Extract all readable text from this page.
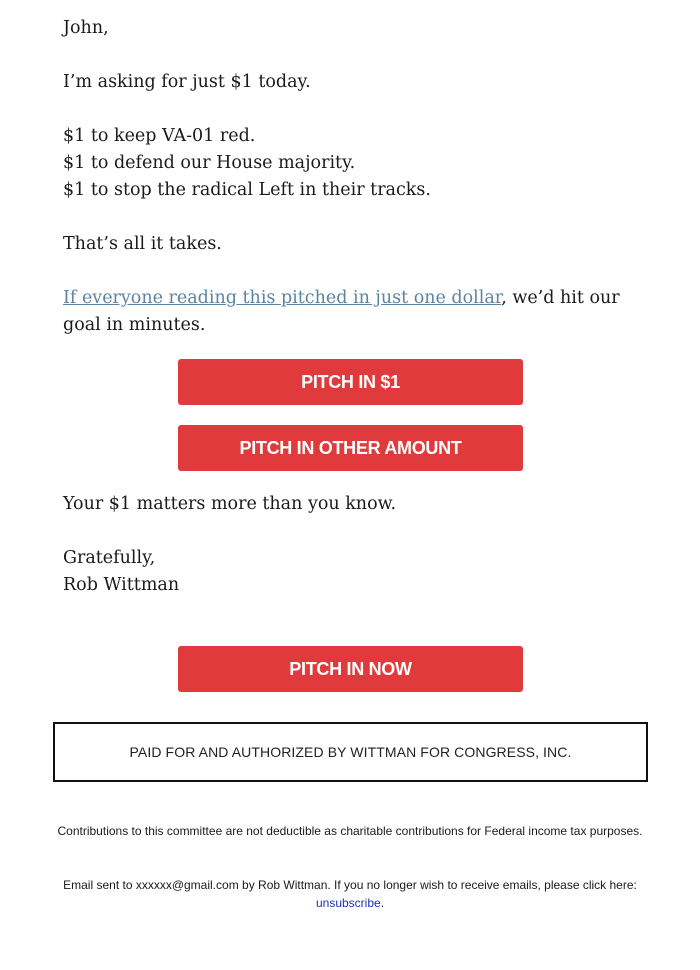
John,

I’m asking for just $1 today.

$1 to keep VA-01 red.

$1 to defend our House majority.

$1 to stop the radical Left in their tracks.

That’s all it takes.

If everyone reading this pitched in just one dollar, we’d hit our goal in minutes.

PITCH IN $1
PITCH IN OTHER AMOUNT

Your $1 matters more than you know.

Gratefully,

Rob Wittman

PITCH IN NOW
PAID FOR AND AUTHORIZED BY WITTMAN FOR CONGRESS, INC.

Contributions to this committee are not deductible as charitable contributions for Federal income tax purposes.

Email sent to xxxxxx@gmail.com by Rob Wittman. If you no longer wish to receive emails, please click here:
unsubscribe.
